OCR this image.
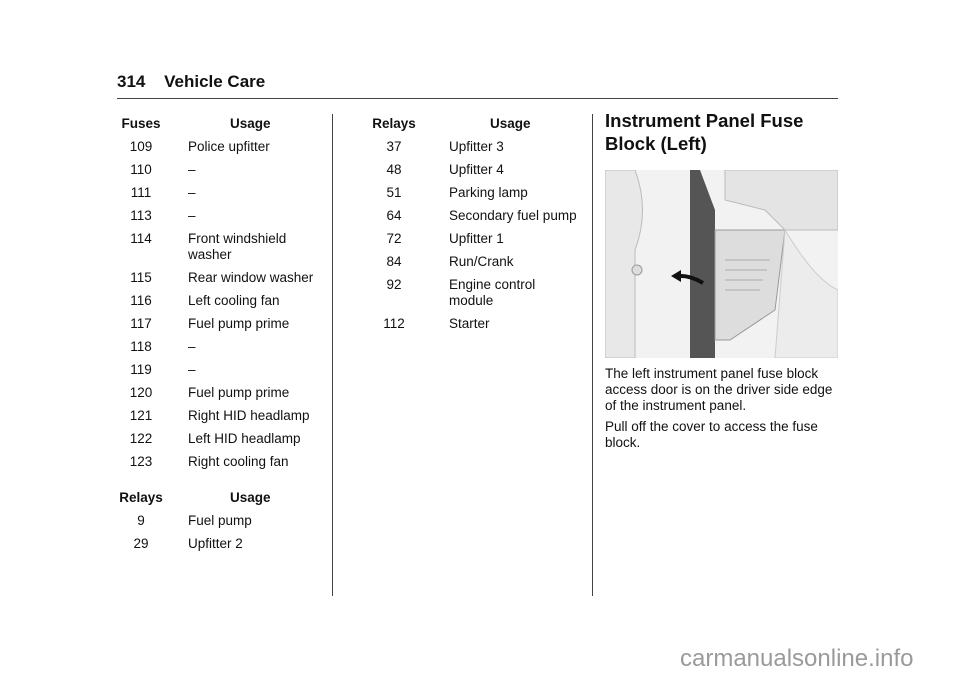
314 Vehicle Care
Fuses	Usage
109	Police upfitter
110	–
111	–
113	–
114	Front windshield washer
115	Rear window washer
116	Left cooling fan
117	Fuel pump prime
118	–
119	–
120	Fuel pump prime
121	Right HID headlamp
122	Left HID headlamp
123	Right cooling fan
Relays	Usage
9	Fuel pump
29	Upfitter 2
Relays	Usage
37	Upfitter 3
48	Upfitter 4
51	Parking lamp
64	Secondary fuel pump
72	Upfitter 1
84	Run/Crank
92	Engine control module
112	Starter
Instrument Panel Fuse Block (Left)
The left instrument panel fuse block access door is on the driver side edge of the instrument panel.
Pull off the cover to access the fuse block.
carmanualsonline.info
